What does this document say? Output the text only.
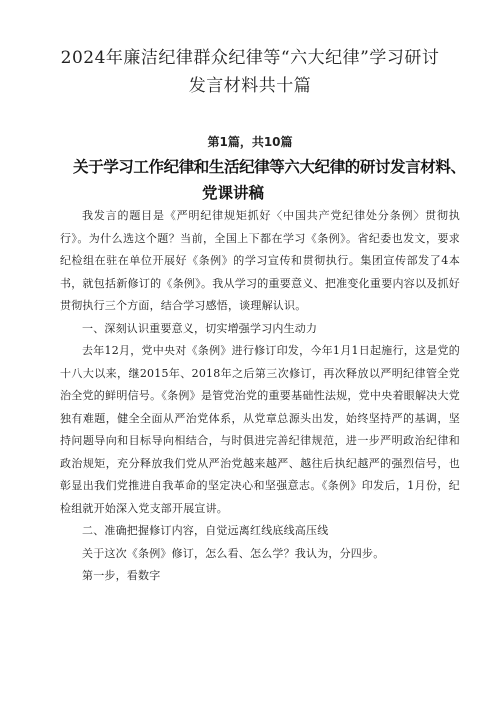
2024年廉洁纪律群众纪律等“六大纪律”学习研讨
发言材料共十篇
第1篇，共10篇
关于学习工作纪律和生活纪律等六大纪律的研讨发言材料、
党课讲稿

我发言的题目是《严明纪律规矩抓好〈中国共产党纪律处分条例〉贯彻执行》。为什么选这个题？当前，全国上下都在学习《条例》。省纪委也发文，要求纪检组在驻在单位开展好《条例》的学习宣传和贯彻执行。集团宣传部发了4本书，就包括新修订的《条例》。我从学习的重要意义、把准变化重要内容以及抓好贯彻执行三个方面，结合学习感悟，谈理解认识。

一、深刻认识重要意义，切实增强学习内生动力

去年12月，党中央对《条例》进行修订印发，今年1月1日起施行，这是党的十八大以来，继2015年、2018年之后第三次修订，再次释放以严明纪律管全党治全党的鲜明信号。《条例》是管党治党的重要基础性法规，党中央着眼解决大党独有难题，健全全面从严治党体系，从党章总源头出发，始终坚持严的基调，坚持问题导向和目标导向相结合，与时俱进完善纪律规范，进一步严明政治纪律和政治规矩，充分释放我们党从严治党越来越严、越往后执纪越严的强烈信号，也彰显出我们党推进自我革命的坚定决心和坚强意志。《条例》印发后，1月份，纪检组就开始深入党支部开展宣讲。

二、准确把握修订内容，自觉远离红线底线高压线

关于这次《条例》修订，怎么看、怎么学？我认为，分四步。

第一步，看数字
